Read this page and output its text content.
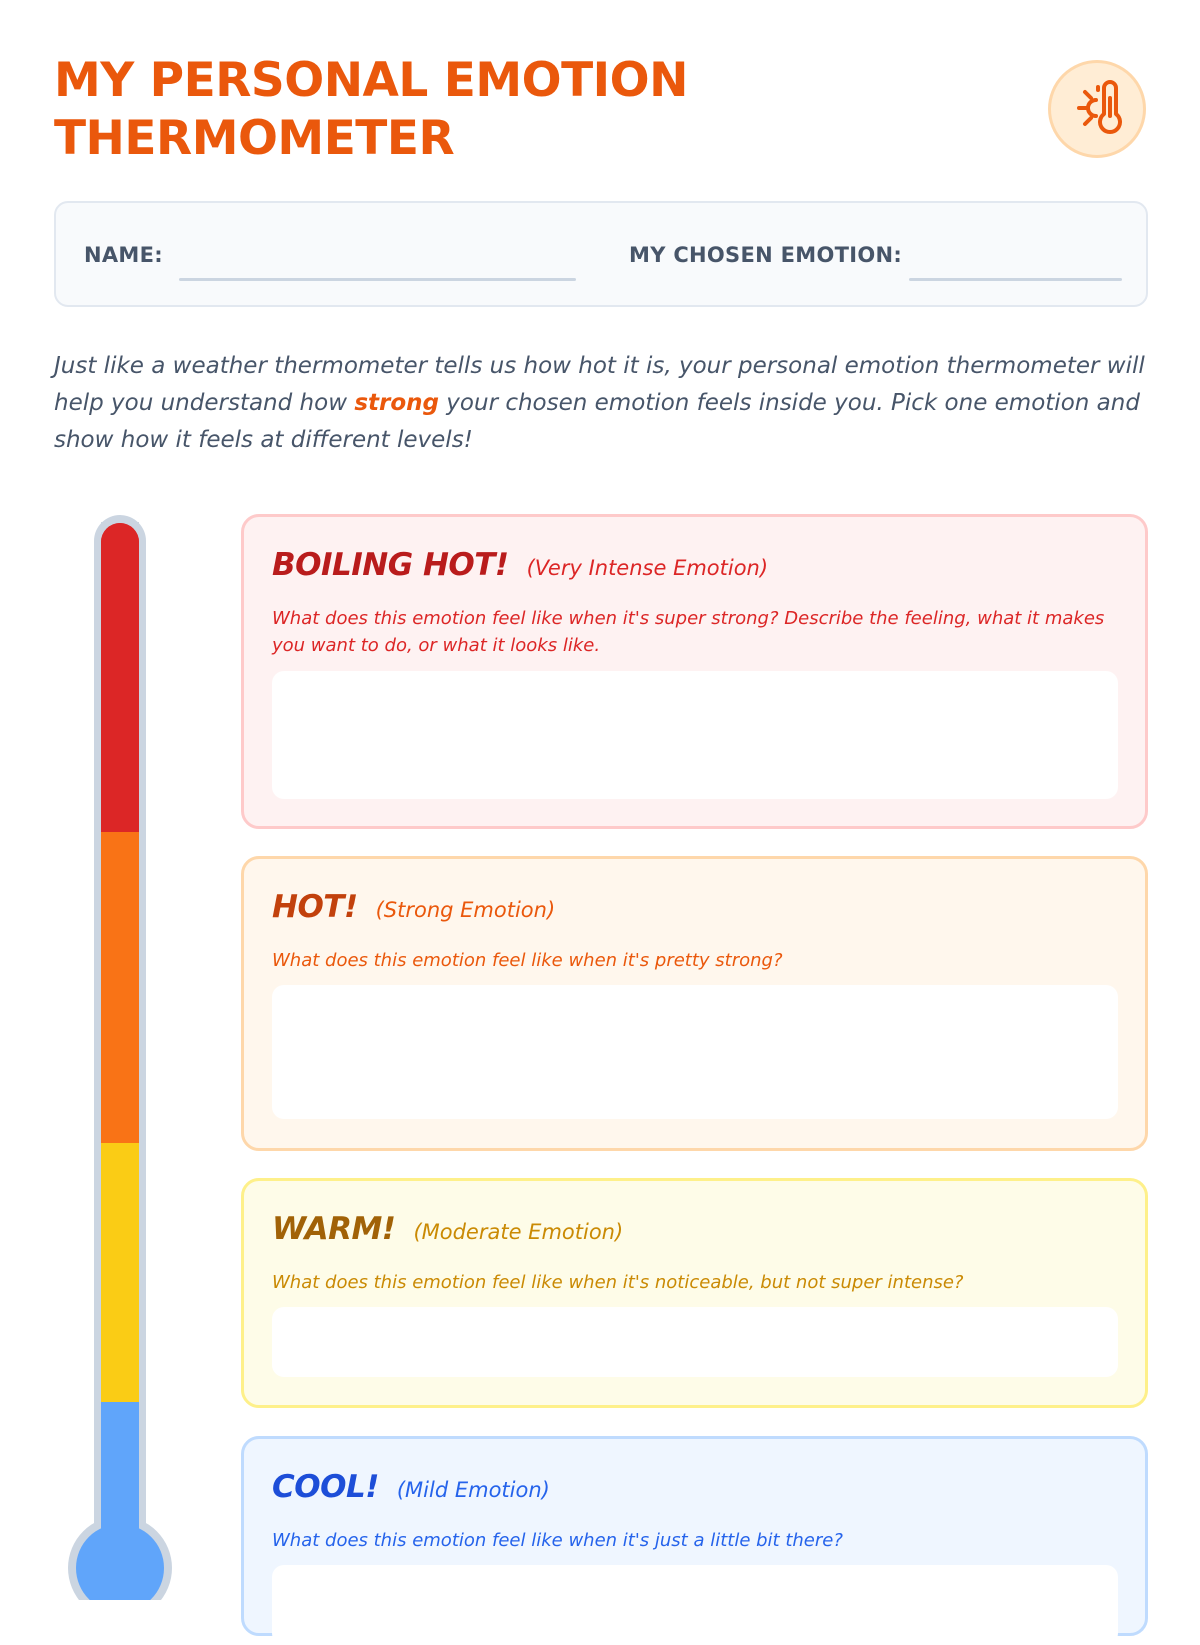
MY PERSONAL EMOTION THERMOMETER
NAME:	MY CHOSEN EMOTION:

Just like a weather thermometer tells us how hot it is, your personal emotion thermometer will help you understand how strong your chosen emotion feels inside you. Pick one emotion and show how it feels at different levels!

BOILING HOT! (Very Intense Emotion)

What does this emotion feel like when it's super strong? Describe the feeling, what it makes you want to do, or what it looks like.

HOT! (Strong Emotion)

What does this emotion feel like when it's pretty strong?

WARM! (Moderate Emotion)

What does this emotion feel like when it's noticeable, but not super intense?

COOL! (Mild Emotion)

What does this emotion feel like when it's just a little bit there?
